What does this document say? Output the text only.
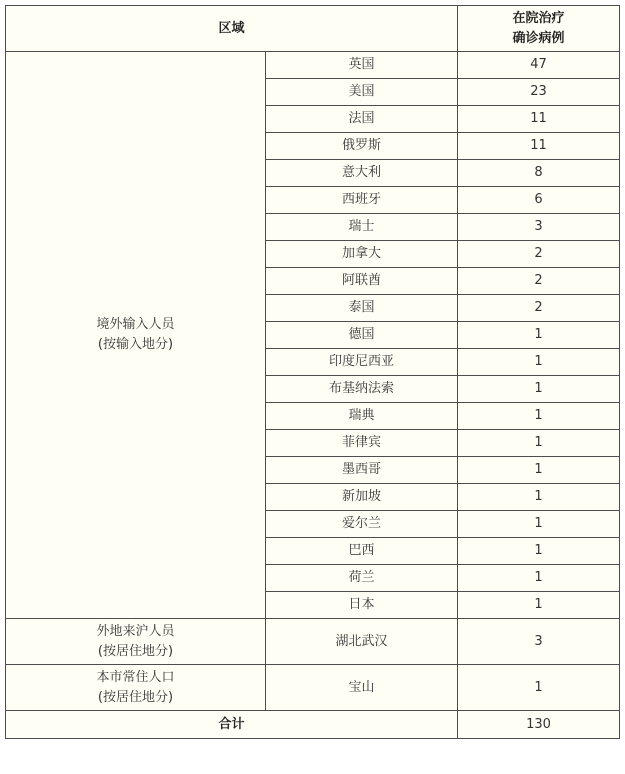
区域		在院治疗
确诊病例

境外输入人员
(按输入地分)	英国	47
	美国	23
	法国	11
	俄罗斯	11
	意大利	8
	西班牙	6
	瑞士	3
	加拿大	2
	阿联酋	2
	泰国	2
	德国	1
	印度尼西亚	1
	布基纳法索	1
	瑞典	1
	菲律宾	1
	墨西哥	1
	新加坡	1
	爱尔兰	1
	巴西	1
	荷兰	1
	日本	1

外地来沪人员
(按居住地分)	湖北武汉	3

本市常住人口
(按居住地分)	宝山	1
合计		130
